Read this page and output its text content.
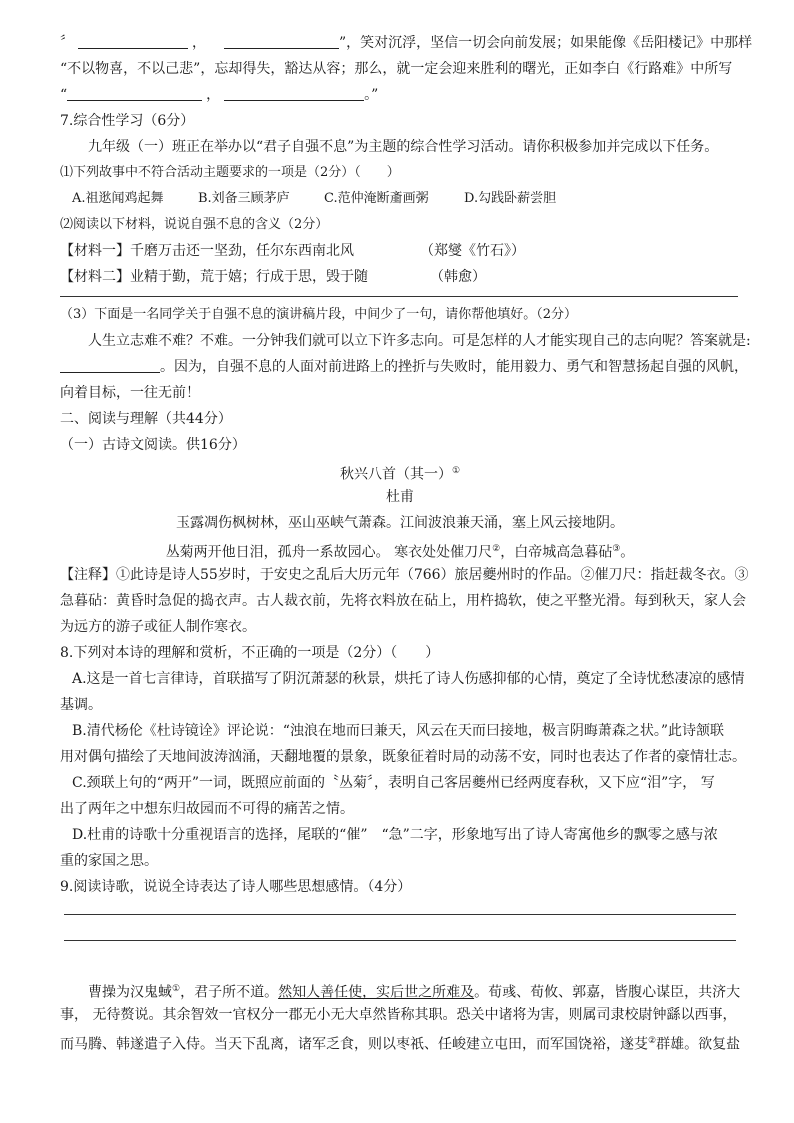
〞	，	”，笑对沉浮，坚信一切会向前发展；如果能像《岳阳楼记》中那样
“不以物喜，不以己悲”，忘却得失，豁达从容；那么，就一定会迎来胜利的曙光，正如李白《行路难》中所写
“	，	。”
7.综合性学习（6分）
九年级（一）班正在举办以“君子自强不息”为主题的综合性学习活动。请你积极参加并完成以下任务。
⑴下列故事中不符合活动主题要求的一项是（2分）（　　）
A.祖逖闻鸡起舞	B.刘备三顾茅庐	C.范仲淹断齑画粥	D.勾践卧薪尝胆
⑵阅读以下材料，说说自强不息的含义（2分）
【材料一】千磨万击还一坚劲，任尔东西南北风	（郑燮《竹石》）
【材料二】业精于勤，荒于嬉；行成于思，毁于随	（韩愈）
（3）下面是一名同学关于自强不息的演讲稿片段，中间少了一句，请你帮他填好。（2分）
人生立志难不难？不难。一分钟我们就可以立下许多志向。可是怎样的人才能实现自己的志向呢？答案就是:
。因为，自强不息的人面对前进路上的挫折与失败时，能用毅力、勇气和智慧扬起自强的风帆，
向着目标，一往无前！
二、阅读与理解（共44分）
（一）古诗文阅读。供16分）
秋兴八首（其一）①
杜甫
玉露凋伤枫树林，巫山巫峡气萧森。江间波浪兼天涌，塞上风云接地阴。
丛菊两开他日泪，孤舟一系故园心。 寒衣处处催刀尺②，白帝城高急暮砧③。
【注释】①此诗是诗人55岁时，于安史之乱后大历元年（766）旅居夔州时的作品。②催刀尺：指赶裁冬衣。③
急暮砧：黄昏时急促的捣衣声。古人裁衣前，先将衣料放在砧上，用杵捣软，使之平整光滑。每到秋天，家人会
为远方的游子或征人制作寒衣。
8.下列对本诗的理解和赏析，不正确的一项是（2分）（　　）
A.这是一首七言律诗，首联描写了阴沉萧瑟的秋景，烘托了诗人伤感抑郁的心情，奠定了全诗忧愁凄凉的感情
基调。
B.清代杨伦《杜诗镜诠》评论说：“浊浪在地而曰兼天，风云在天而曰接地，极言阴晦萧森之状。”此诗颔联
用对偶句描绘了天地间波涛汹涌，天翻地覆的景象，既象征着时局的动荡不安，同时也表达了作者的豪情壮志。
C.颈联上句的“两开”一词，既照应前面的〝丛菊〞，表明自己客居夔州已经两度春秋，又下应“泪”字， 写
出了两年之中想东归故园而不可得的痛苦之情。
D.杜甫的诗歌十分重视语言的选择，尾联的“催”　“急”二字，形象地写出了诗人寄寓他乡的飘零之感与浓
重的家国之思。
9.阅读诗歌，说说全诗表达了诗人哪些思想感情。（4分）
曹操为汉鬼蜮①，君子所不道。然知人善任使，实后世之所难及。荀彧、荀攸、郭嘉，皆腹心谋臣，共济大
事， 无待赘说。其余智效一官权分一郡无小无大卓然皆称其职。恐关中诸将为害，则属司隶校尉钟繇以西事，
而马腾、韩遂遣子入侍。当天下乱离，诸军乏食，则以枣祇、任峻建立屯田，而军国饶裕，遂芟②群雄。欲复盐
